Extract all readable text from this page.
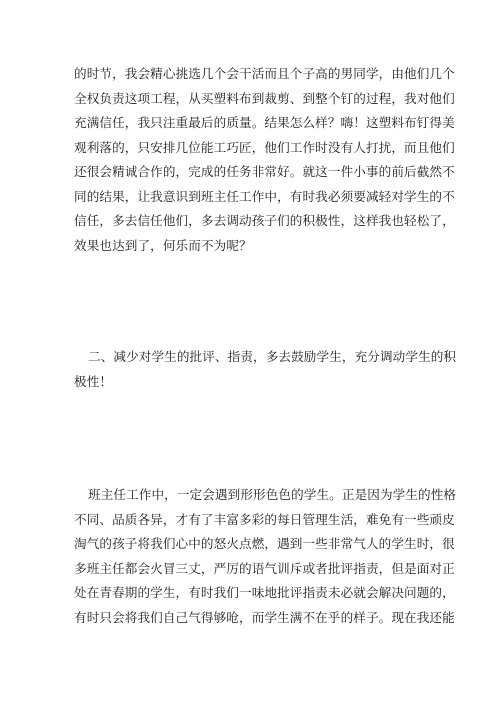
的时节，我会精心挑选几个会干活而且个子高的男同学，由他们几个
全权负责这项工程，从买塑料布到裁剪、到整个钉的过程，我对他们
充满信任，我只注重最后的质量。结果怎么样？嗨！这塑料布钉得美
观利落的，只安排几位能工巧匠，他们工作时没有人打扰，而且他们
还很会精诚合作的，完成的任务非常好。就这一件小事的前后截然不
同的结果，让我意识到班主任工作中，有时我必须要减轻对学生的不
信任，多去信任他们，多去调动孩子们的积极性，这样我也轻松了，
效果也达到了，何乐而不为呢？
二、减少对学生的批评、指责，多去鼓励学生，充分调动学生的积
极性！
班主任工作中，一定会遇到形形色色的学生。正是因为学生的性格
不同、品质各异，才有了丰富多彩的每日管理生活，难免有一些顽皮
淘气的孩子将我们心中的怒火点燃，遇到一些非常气人的学生时，很
多班主任都会火冒三丈，严厉的语气训斥或者批评指责，但是面对正
处在青春期的学生，有时我们一味地批评指责未必就会解决问题的，
有时只会将我们自己气得够呛，而学生满不在乎的样子。现在我还能
